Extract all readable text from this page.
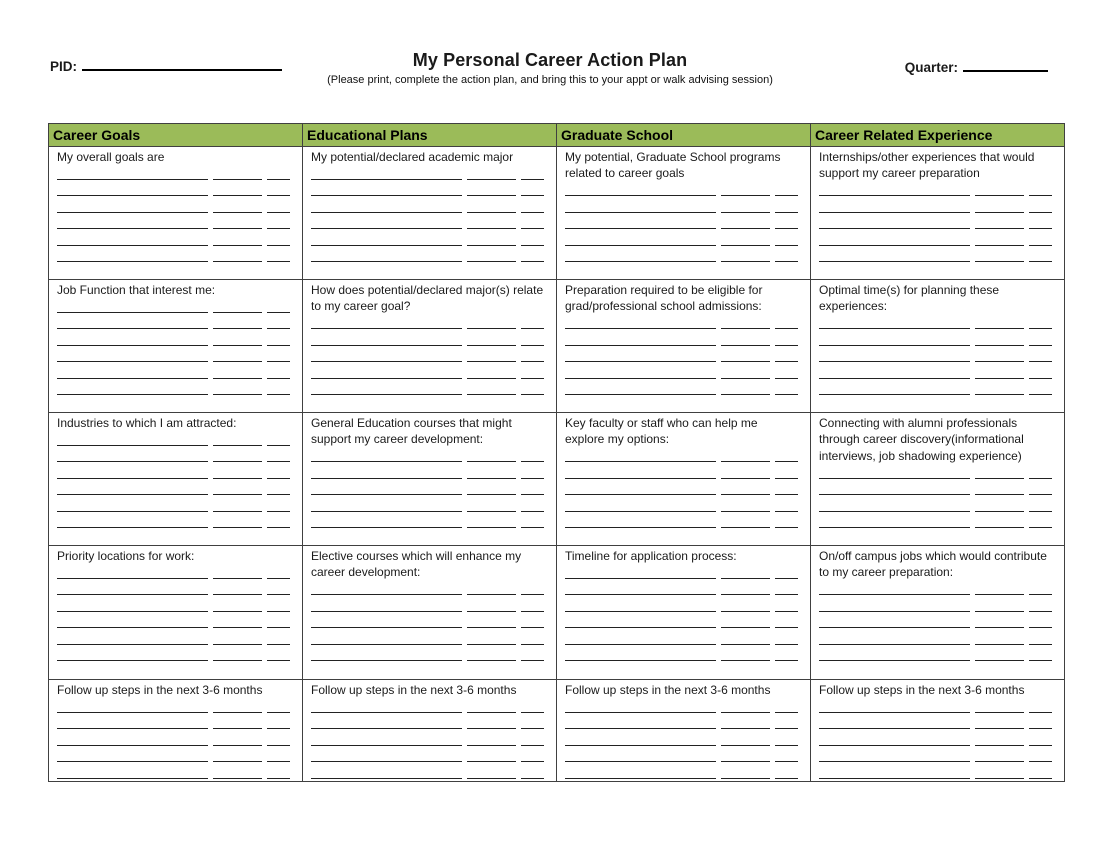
PID:	My Personal Career Action Plan
(Please print, complete the action plan, and bring this to your appt or walk advising session)
Quarter:
Career Goals	Educational Plans	Graduate School	Career Related Experience

My overall goals are	My potential/declared academic major	My potential, Graduate School programs related to career goals	Internships/other experiences that would support my career preparation

Job Function that interest me:	How does potential/declared major(s) relate to my career goal?	Preparation required to be eligible for grad/professional school admissions:	Optimal time(s) for planning these experiences:

Industries to which I am attracted:	General Education courses that might support my career development:	Key faculty or staff who can help me explore my options:	Connecting with alumni professionals through career discovery(informational interviews, job shadowing experience)

Priority locations for work:	Elective courses which will enhance my career development:	Timeline for application process:	On/off campus jobs which would contribute to my career preparation:

Follow up steps in the next 3-6 months	Follow up steps in the next 3-6 months	Follow up steps in the next 3-6 months	Follow up steps in the next 3-6 months
